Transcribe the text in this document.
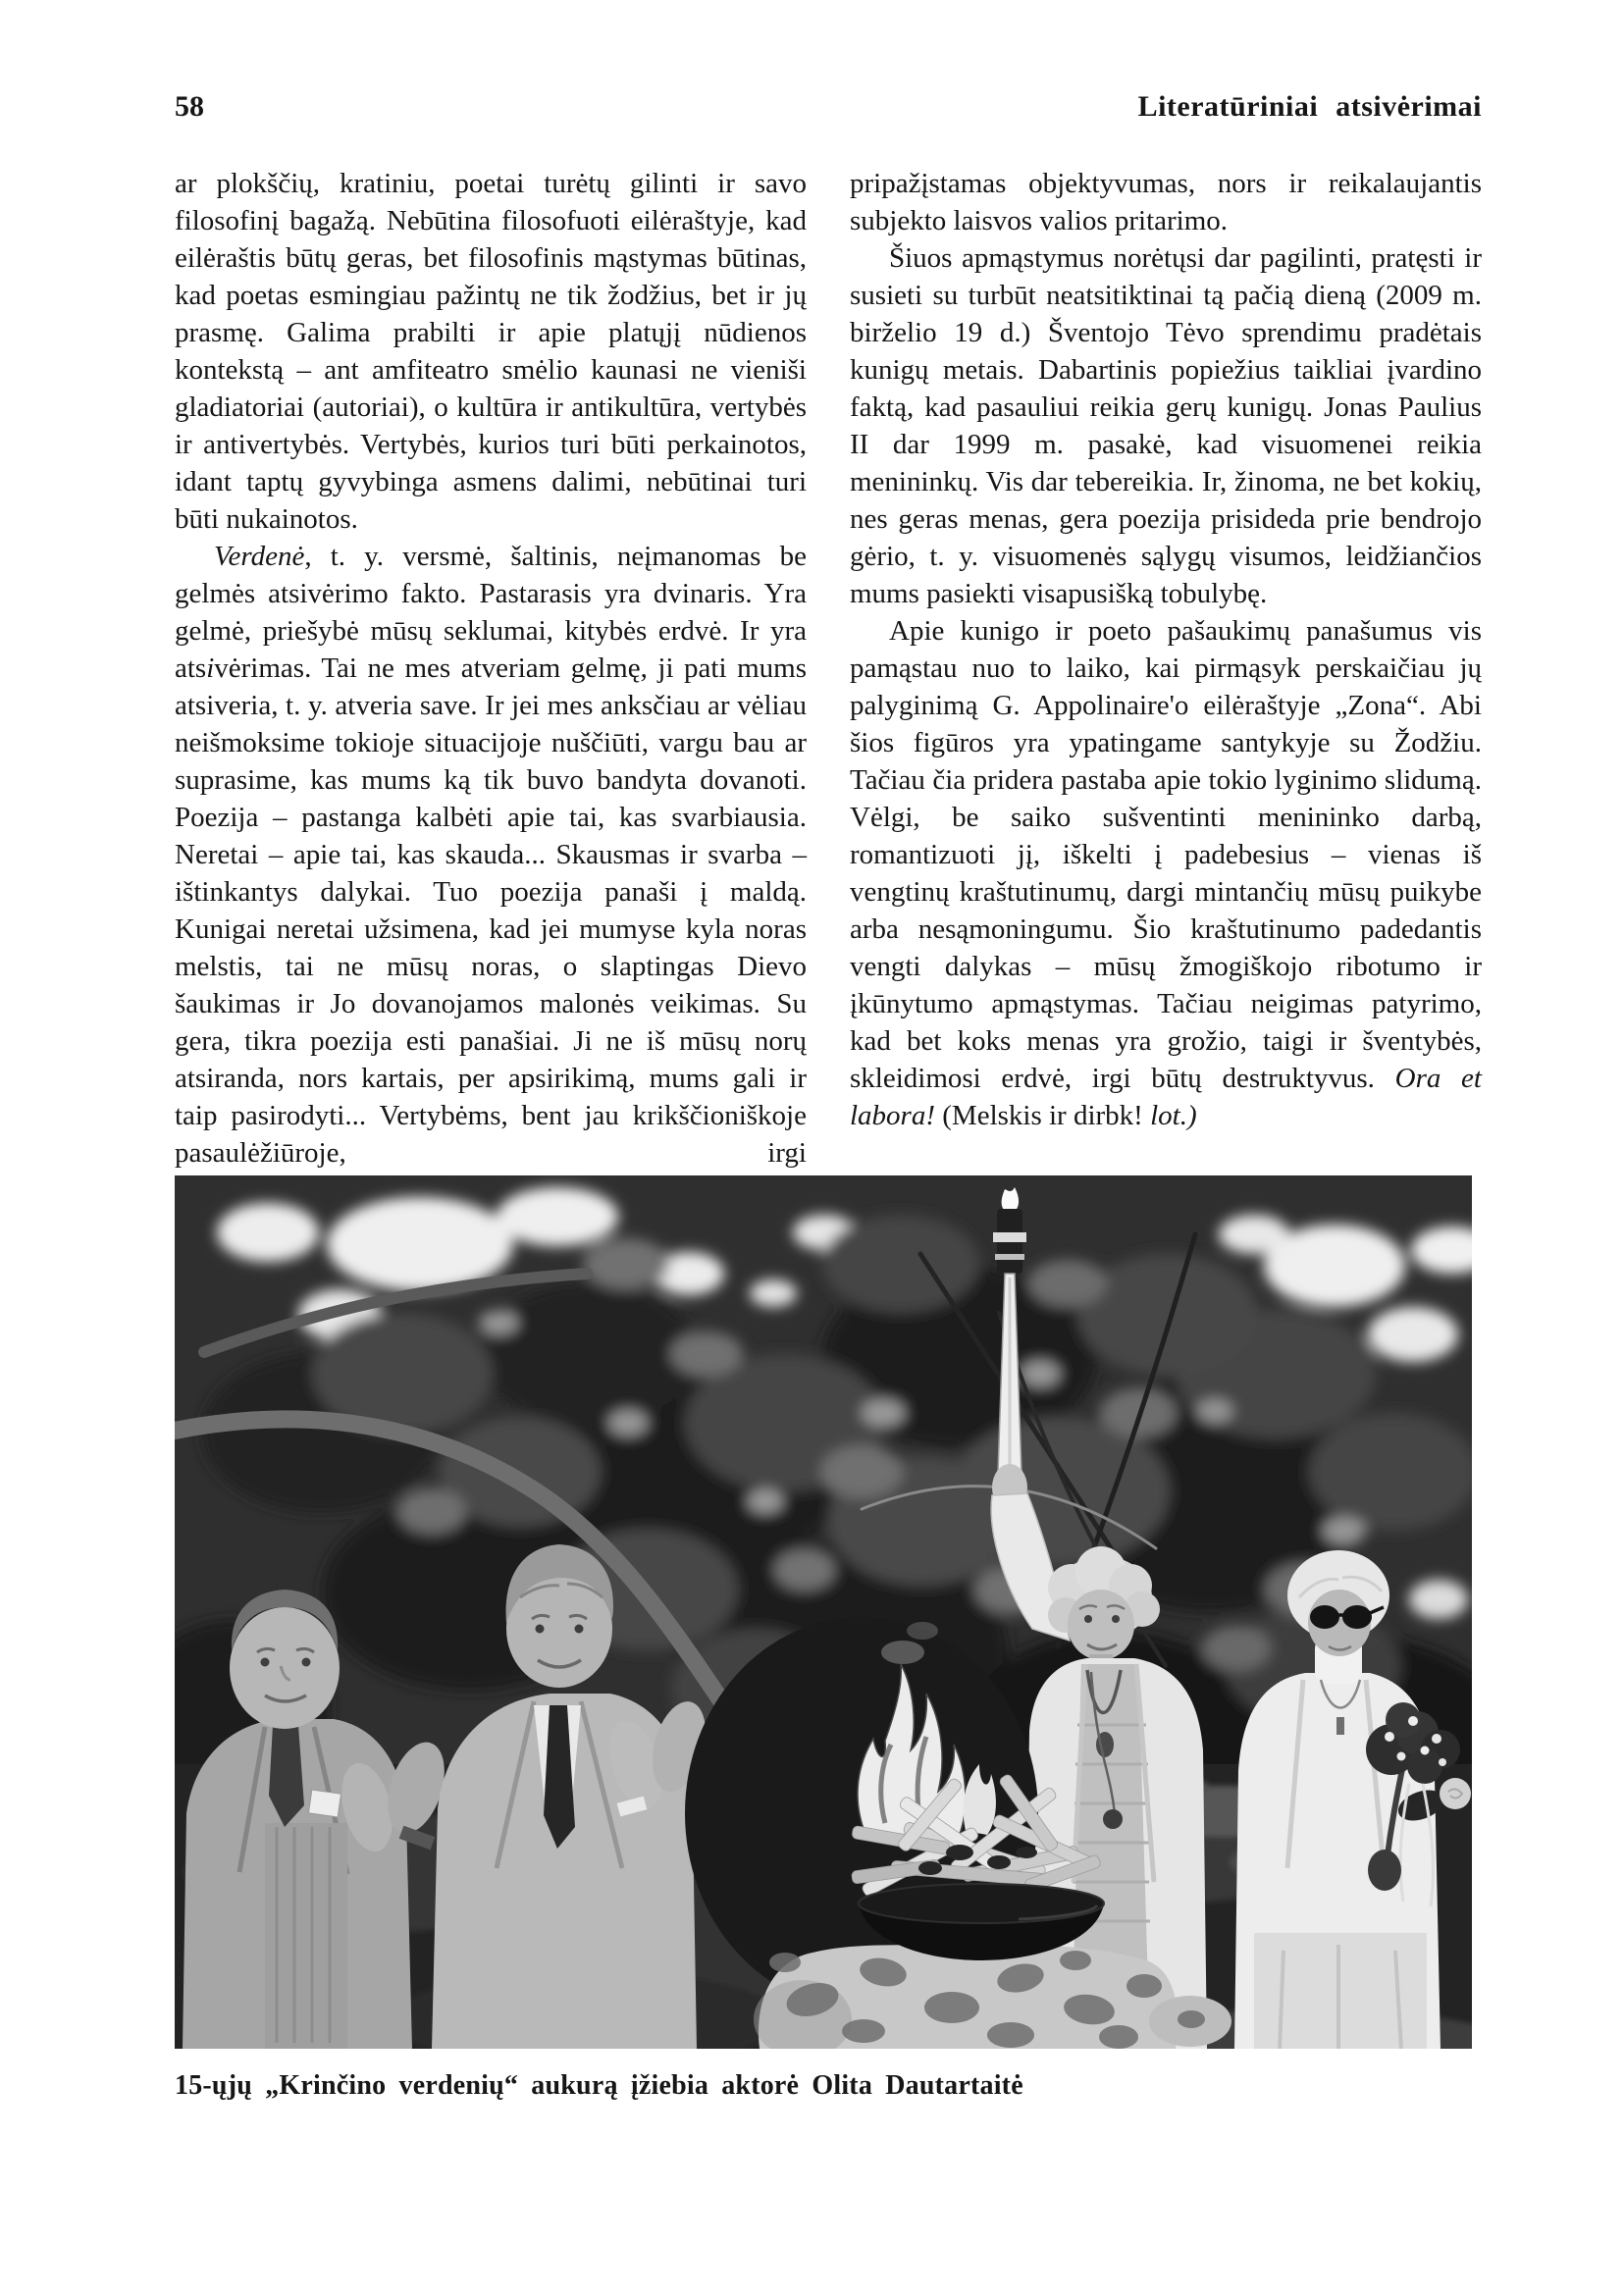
58	Literatūriniai atsivėrimai

ar plokščių, kratiniu, poetai turėtų gilinti ir savo filosofinį bagažą. Nebūtina filosofuoti eilėraštyje, kad eilėraštis būtų geras, bet filosofinis mąstymas būtinas, kad poetas esmingiau pažintų ne tik žodžius, bet ir jų prasmę. Galima prabilti ir apie platųjį nūdienos kontekstą – ant amfiteatro smėlio kaunasi ne vieniši gladiatoriai (autoriai), o kultūra ir antikultūra, vertybės ir antivertybės. Vertybės, kurios turi būti perkainotos, idant taptų gyvybinga asmens dalimi, nebūtinai turi būti nukainotos.

Verdenė, t. y. versmė, šaltinis, neįmanomas be gelmės atsivėrimo fakto. Pastarasis yra dvinaris. Yra gelmė, priešybė mūsų seklumai, kitybės erdvė. Ir yra atsivėrimas. Tai ne mes atveriam gelmę, ji pati mums atsiveria, t. y. atveria save. Ir jei mes anksčiau ar vėliau neišmoksime tokioje situacijoje nuščiūti, vargu bau ar suprasime, kas mums ką tik buvo bandyta dovanoti. Poezija – pastanga kalbėti apie tai, kas svarbiausia. Neretai – apie tai, kas skauda... Skausmas ir svarba – ištinkantys dalykai. Tuo poezija panaši į maldą. Kunigai neretai užsimena, kad jei mumyse kyla noras melstis, tai ne mūsų noras, o slaptingas Dievo šaukimas ir Jo dovanojamos malonės veikimas. Su gera, tikra poezija esti panašiai. Ji ne iš mūsų norų atsiranda, nors kartais, per apsirikimą, mums gali ir taip pasirodyti... Vertybėms, bent jau krikščioniškoje pasaulėžiūroje, irgi

pripažįstamas objektyvumas, nors ir reikalaujantis subjekto laisvos valios pritarimo.

Šiuos apmąstymus norėtųsi dar pagilinti, pratęsti ir susieti su turbūt neatsitiktinai tą pačią dieną (2009 m. birželio 19 d.) Šventojo Tėvo sprendimu pradėtais kunigų metais. Dabartinis popiežius taikliai įvardino faktą, kad pasauliui reikia gerų kunigų. Jonas Paulius II dar 1999 m. pasakė, kad visuomenei reikia menininkų. Vis dar tebereikia. Ir, žinoma, ne bet kokių, nes geras menas, gera poezija prisideda prie bendrojo gėrio, t. y. visuomenės sąlygų visumos, leidžiančios mums pasiekti visapusišką tobulybę.

Apie kunigo ir poeto pašaukimų panašumus vis pamąstau nuo to laiko, kai pirmąsyk perskaičiau jų palyginimą G. Appolinaire'o eilėraštyje „Zona“. Abi šios figūros yra ypatingame santykyje su Žodžiu. Tačiau čia pridera pastaba apie tokio lyginimo slidumą. Vėlgi, be saiko sušventinti menininko darbą, romantizuoti jį, iškelti į padebesius – vienas iš vengtinų kraštutinumų, dargi mintančių mūsų puikybe arba nesąmoningumu. Šio kraštutinumo padedantis vengti dalykas – mūsų žmogiškojo ribotumo ir įkūnytumo apmąstymas. Tačiau neigimas patyrimo, kad bet koks menas yra grožio, taigi ir šventybės, skleidimosi erdvė, irgi būtų destruktyvus. Ora et labora! (Melskis ir dirbk! lot.)

15-ųjų „Krinčino verdenių“ aukurą įžiebia aktorė Olita Dautartaitė
